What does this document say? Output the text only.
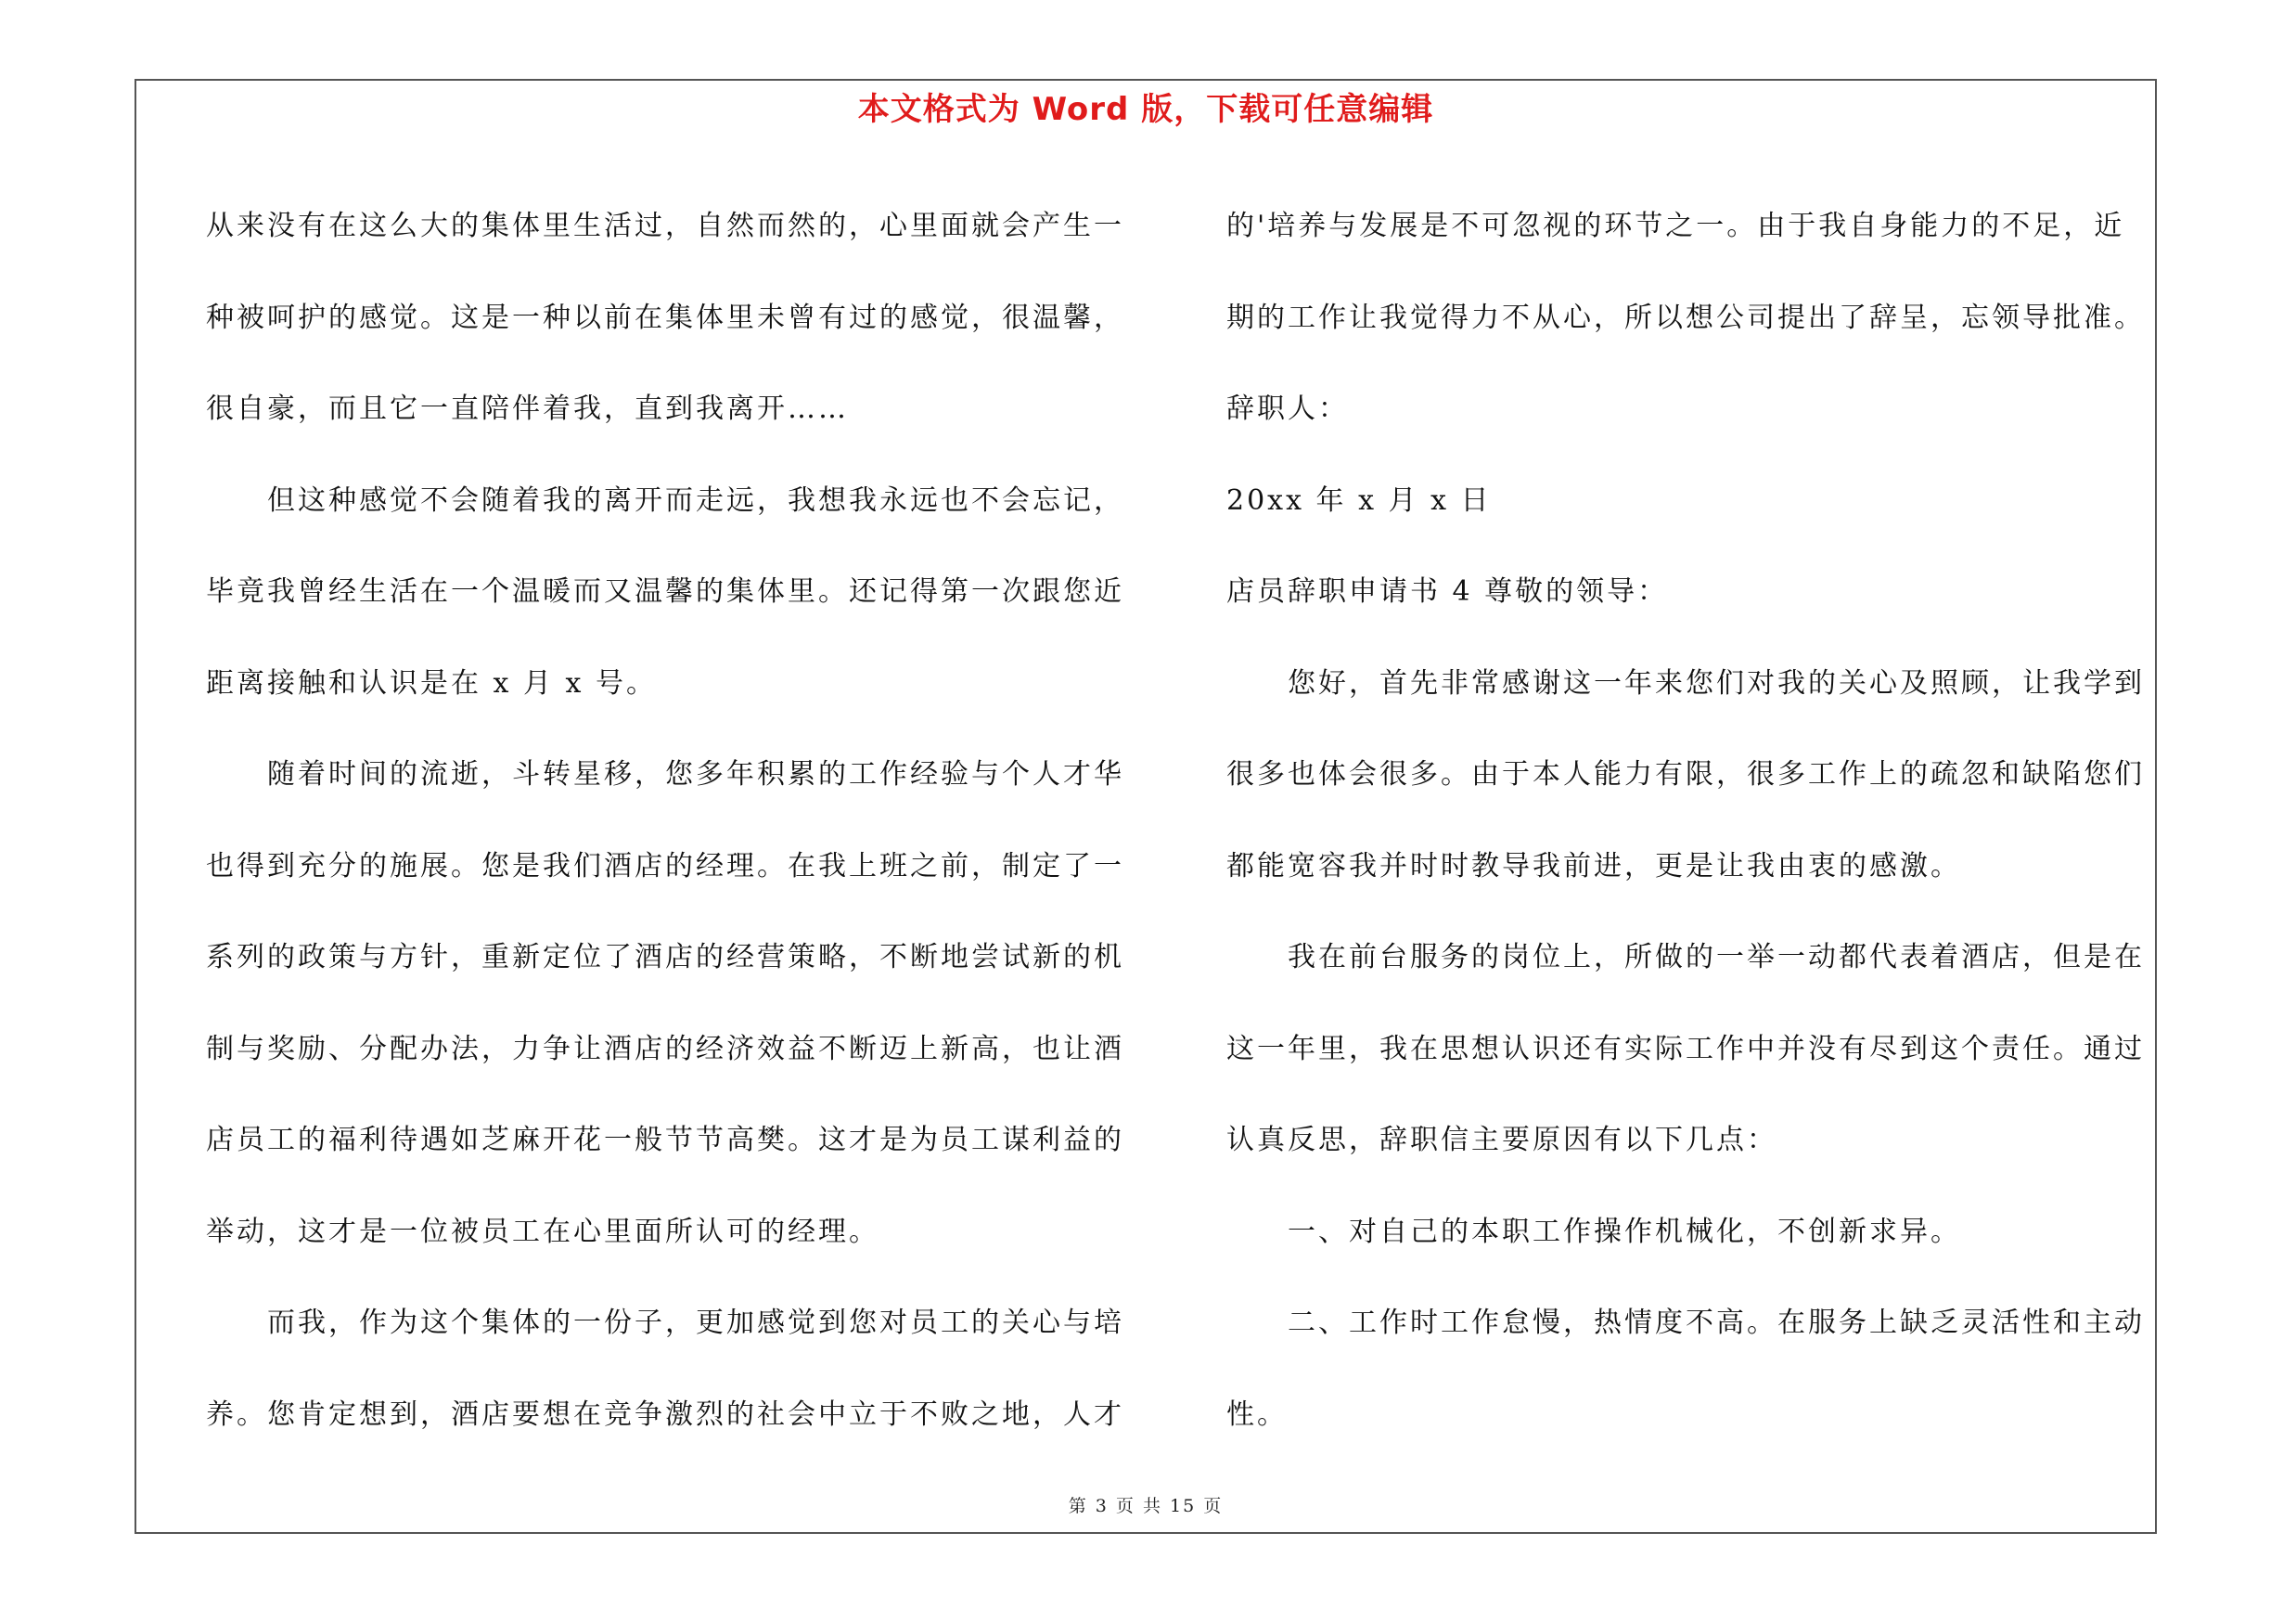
本文格式为 Word 版，下载可任意编辑
从来没有在这么大的集体里生活过，自然而然的，心里面就会产生一
种被呵护的感觉。这是一种以前在集体里未曾有过的感觉，很温馨，
很自豪，而且它一直陪伴着我，直到我离开……
　　但这种感觉不会随着我的离开而走远，我想我永远也不会忘记，
毕竟我曾经生活在一个温暖而又温馨的集体里。还记得第一次跟您近
距离接触和认识是在 x 月 x 号。
　　随着时间的流逝，斗转星移，您多年积累的工作经验与个人才华
也得到充分的施展。您是我们酒店的经理。在我上班之前，制定了一
系列的政策与方针，重新定位了酒店的经营策略，不断地尝试新的机
制与奖励、分配办法，力争让酒店的经济效益不断迈上新高，也让酒
店员工的福利待遇如芝麻开花一般节节高樊。这才是为员工谋利益的
举动，这才是一位被员工在心里面所认可的经理。
　　而我，作为这个集体的一份子，更加感觉到您对员工的关心与培
养。您肯定想到，酒店要想在竞争激烈的社会中立于不败之地，人才
的'培养与发展是不可忽视的环节之一。由于我自身能力的不足，近
期的工作让我觉得力不从心，所以想公司提出了辞呈，忘领导批准。
辞职人：
20xx 年 x 月 x 日
店员辞职申请书 4 尊敬的领导：
　　您好，首先非常感谢这一年来您们对我的关心及照顾，让我学到
很多也体会很多。由于本人能力有限，很多工作上的疏忽和缺陷您们
都能宽容我并时时教导我前进，更是让我由衷的感激。
　　我在前台服务的岗位上，所做的一举一动都代表着酒店，但是在
这一年里，我在思想认识还有实际工作中并没有尽到这个责任。通过
认真反思，辞职信主要原因有以下几点：
　　一、对自己的本职工作操作机械化，不创新求异。
　　二、工作时工作怠慢，热情度不高。在服务上缺乏灵活性和主动
性。
第 3 页 共 15 页
